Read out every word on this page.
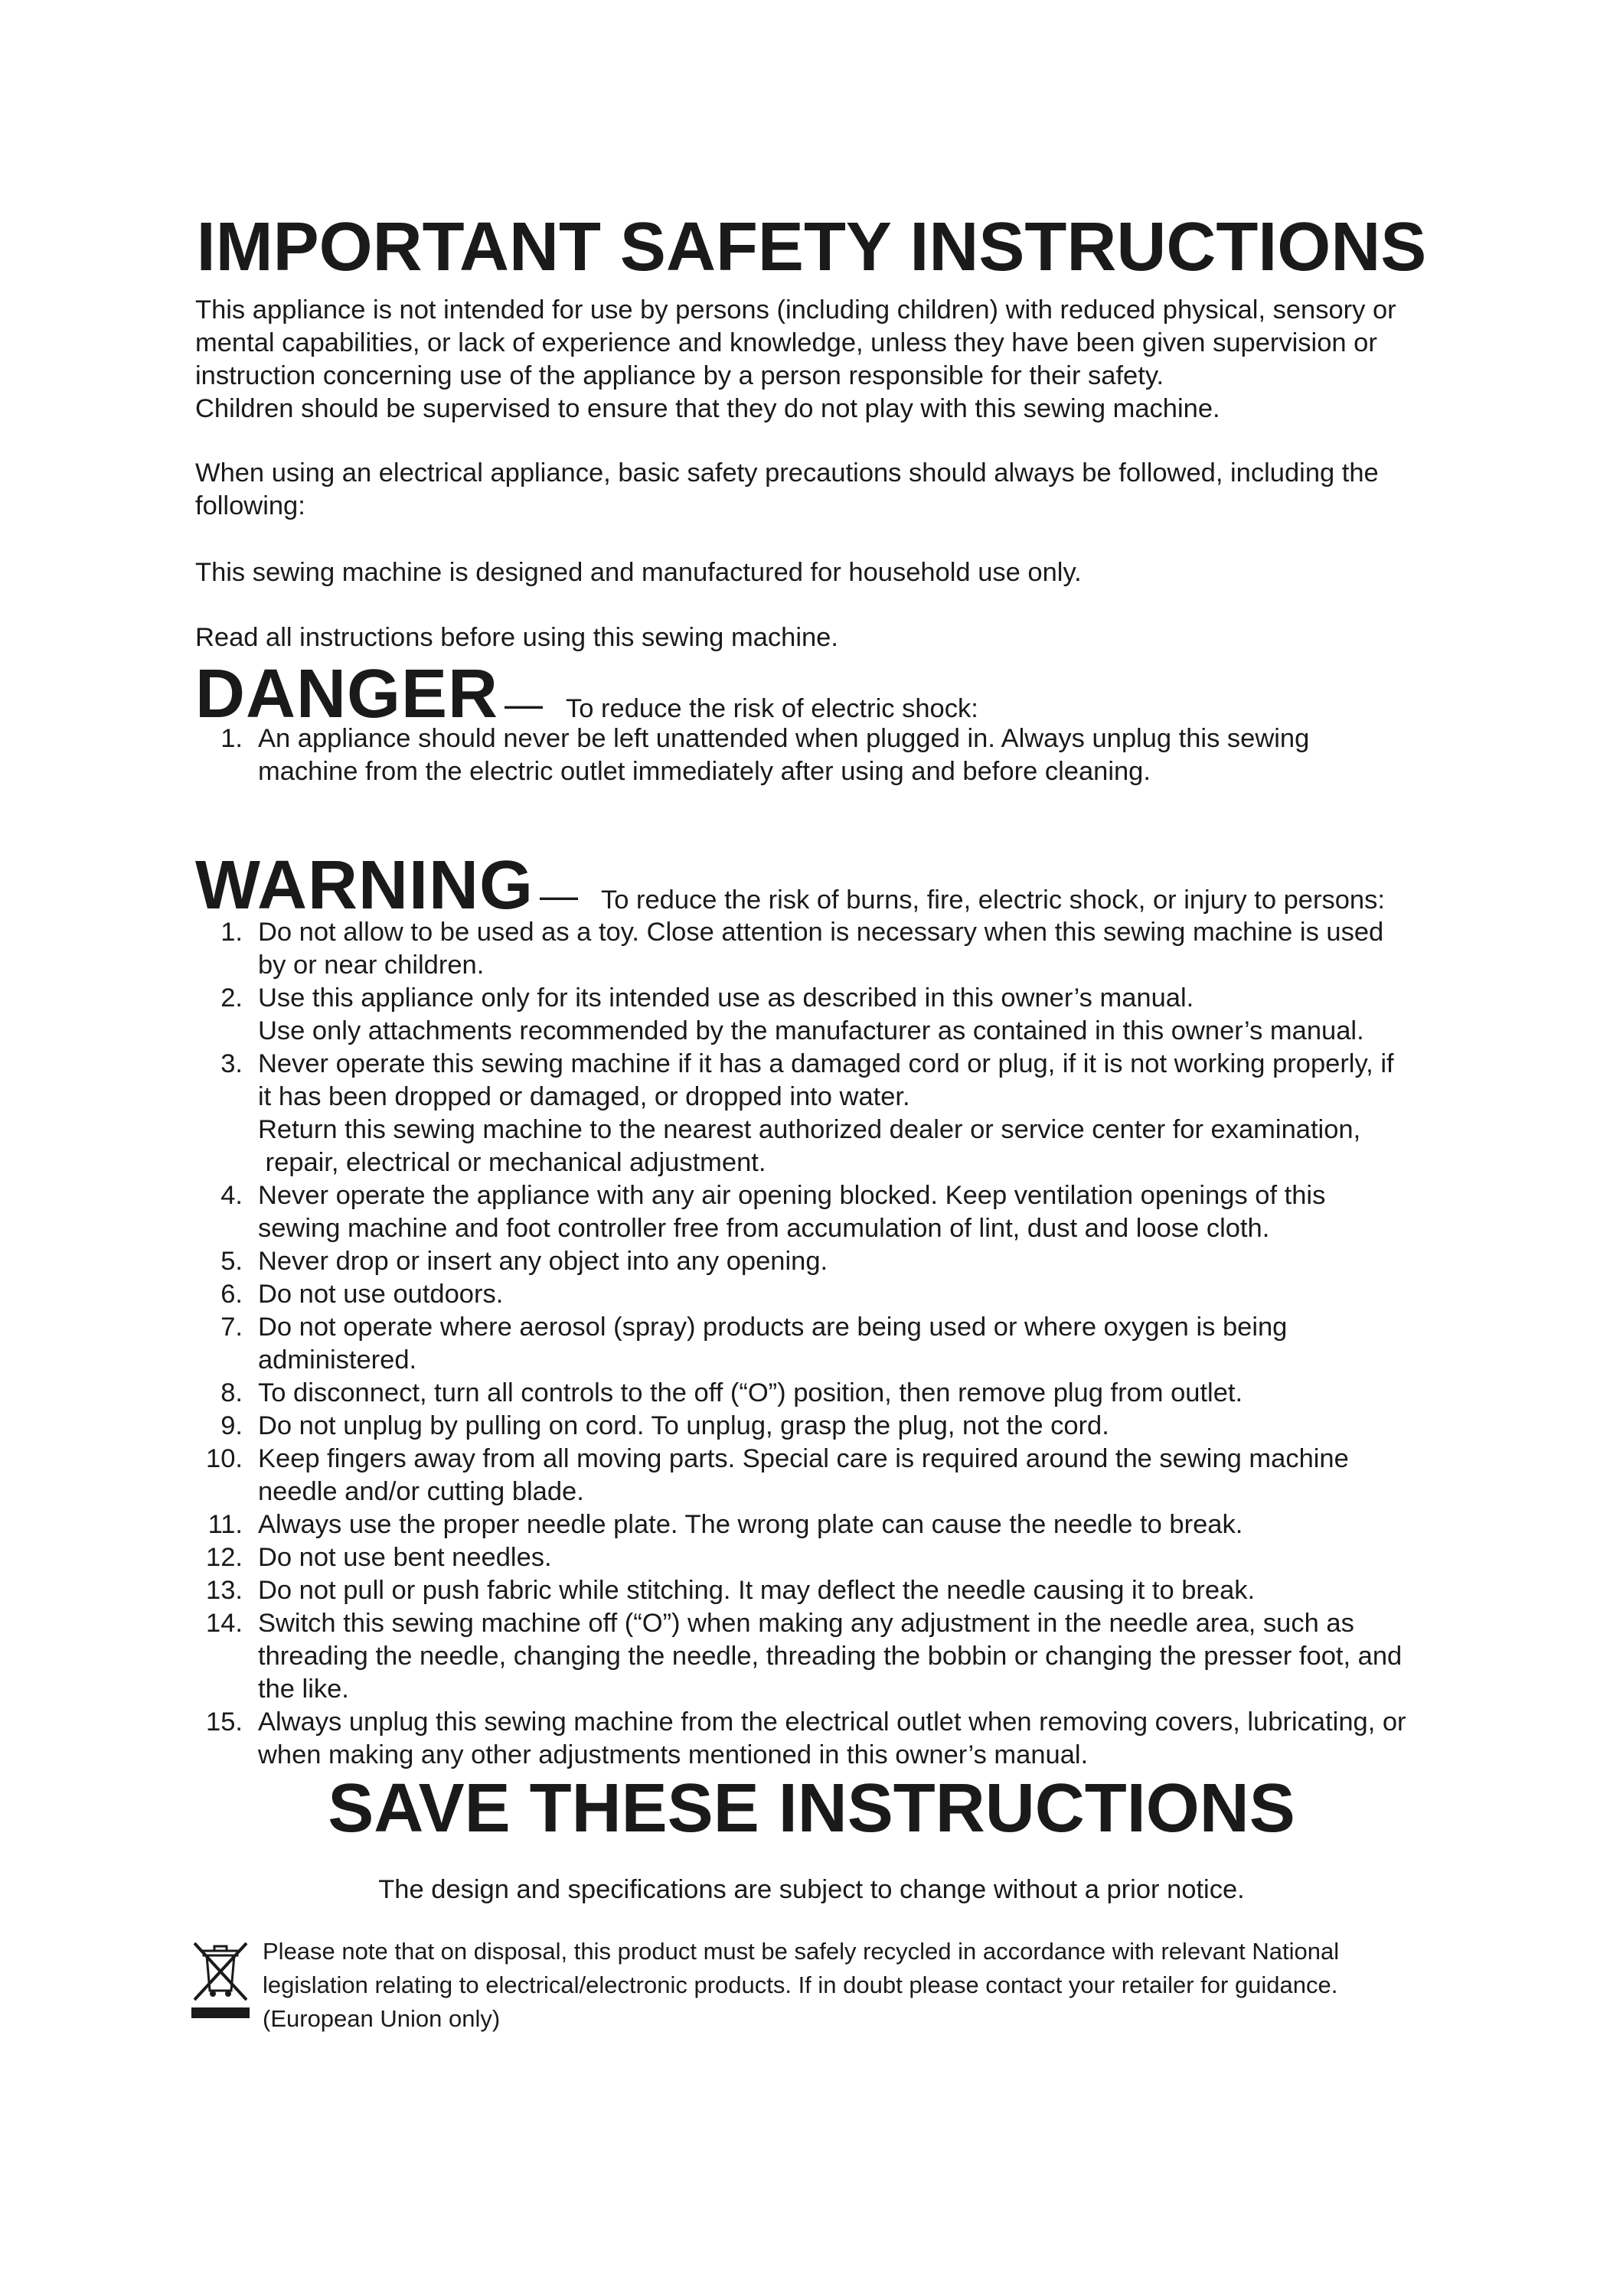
IMPORTANT SAFETY INSTRUCTIONS

This appliance is not intended for use by persons (including children) with reduced physical, sensory or
mental capabilities, or lack of experience and knowledge, unless they have been given supervision or
instruction concerning use of the appliance by a person responsible for their safety.
Children should be supervised to ensure that they do not play with this sewing machine.

When using an electrical appliance, basic safety precautions should always be followed, including the
following:

This sewing machine is designed and manufactured for household use only.

Read all instructions before using this sewing machine.

DANGER — To reduce the risk of electric shock:
1. An appliance should never be left unattended when plugged in. Always unplug this sewing
machine from the electric outlet immediately after using and before cleaning.
WARNING — To reduce the risk of burns, fire, electric shock, or injury to persons:
1. Do not allow to be used as a toy. Close attention is necessary when this sewing machine is used
by or near children.
2. Use this appliance only for its intended use as described in this owner’s manual.
Use only attachments recommended by the manufacturer as contained in this owner’s manual.
3. Never operate this sewing machine if it has a damaged cord or plug, if it is not working properly, if
it has been dropped or damaged, or dropped into water.
Return this sewing machine to the nearest authorized dealer or service center for examination,
repair, electrical or mechanical adjustment.
4. Never operate the appliance with any air opening blocked. Keep ventilation openings of this
sewing machine and foot controller free from accumulation of lint, dust and loose cloth.
5. Never drop or insert any object into any opening.
6. Do not use outdoors.
7. Do not operate where aerosol (spray) products are being used or where oxygen is being
administered.
8. To disconnect, turn all controls to the off (“O”) position, then remove plug from outlet.
9. Do not unplug by pulling on cord. To unplug, grasp the plug, not the cord.
10. Keep fingers away from all moving parts. Special care is required around the sewing machine
needle and/or cutting blade.
11. Always use the proper needle plate. The wrong plate can cause the needle to break.
12. Do not use bent needles.
13. Do not pull or push fabric while stitching. It may deflect the needle causing it to break.
14. Switch this sewing machine off (“O”) when making any adjustment in the needle area, such as
threading the needle, changing the needle, threading the bobbin or changing the presser foot, and
the like.
15. Always unplug this sewing machine from the electrical outlet when removing covers, lubricating, or
when making any other adjustments mentioned in this owner’s manual.
SAVE THESE INSTRUCTIONS

The design and specifications are subject to change without a prior notice.

Please note that on disposal, this product must be safely recycled in accordance with relevant National
legislation relating to electrical/electronic products. If in doubt please contact your retailer for guidance.
(European Union only)
